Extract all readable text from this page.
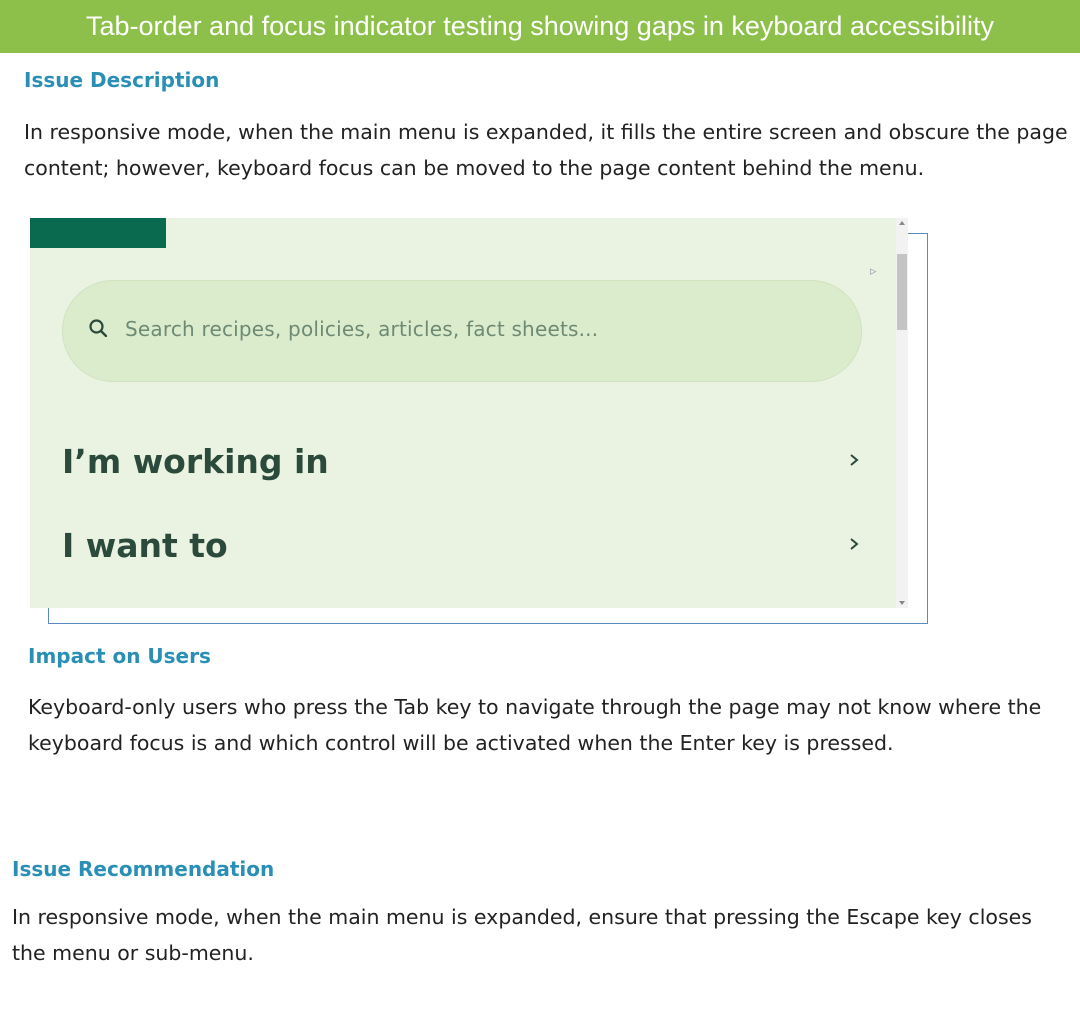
Tab-order and focus indicator testing showing gaps in keyboard accessibility
Issue Description

In responsive mode, when the main menu is expanded, it fills the entire screen and obscure the page content; however, keyboard focus can be moved to the page content behind the menu.

▹
Search recipes, policies, articles, fact sheets...
I’m working in
I want to
Impact on Users

Keyboard-only users who press the Tab key to navigate through the page may not know where the keyboard focus is and which control will be activated when the Enter key is pressed.

Issue Recommendation

In responsive mode, when the main menu is expanded, ensure that pressing the Escape key closes the menu or sub-menu.
